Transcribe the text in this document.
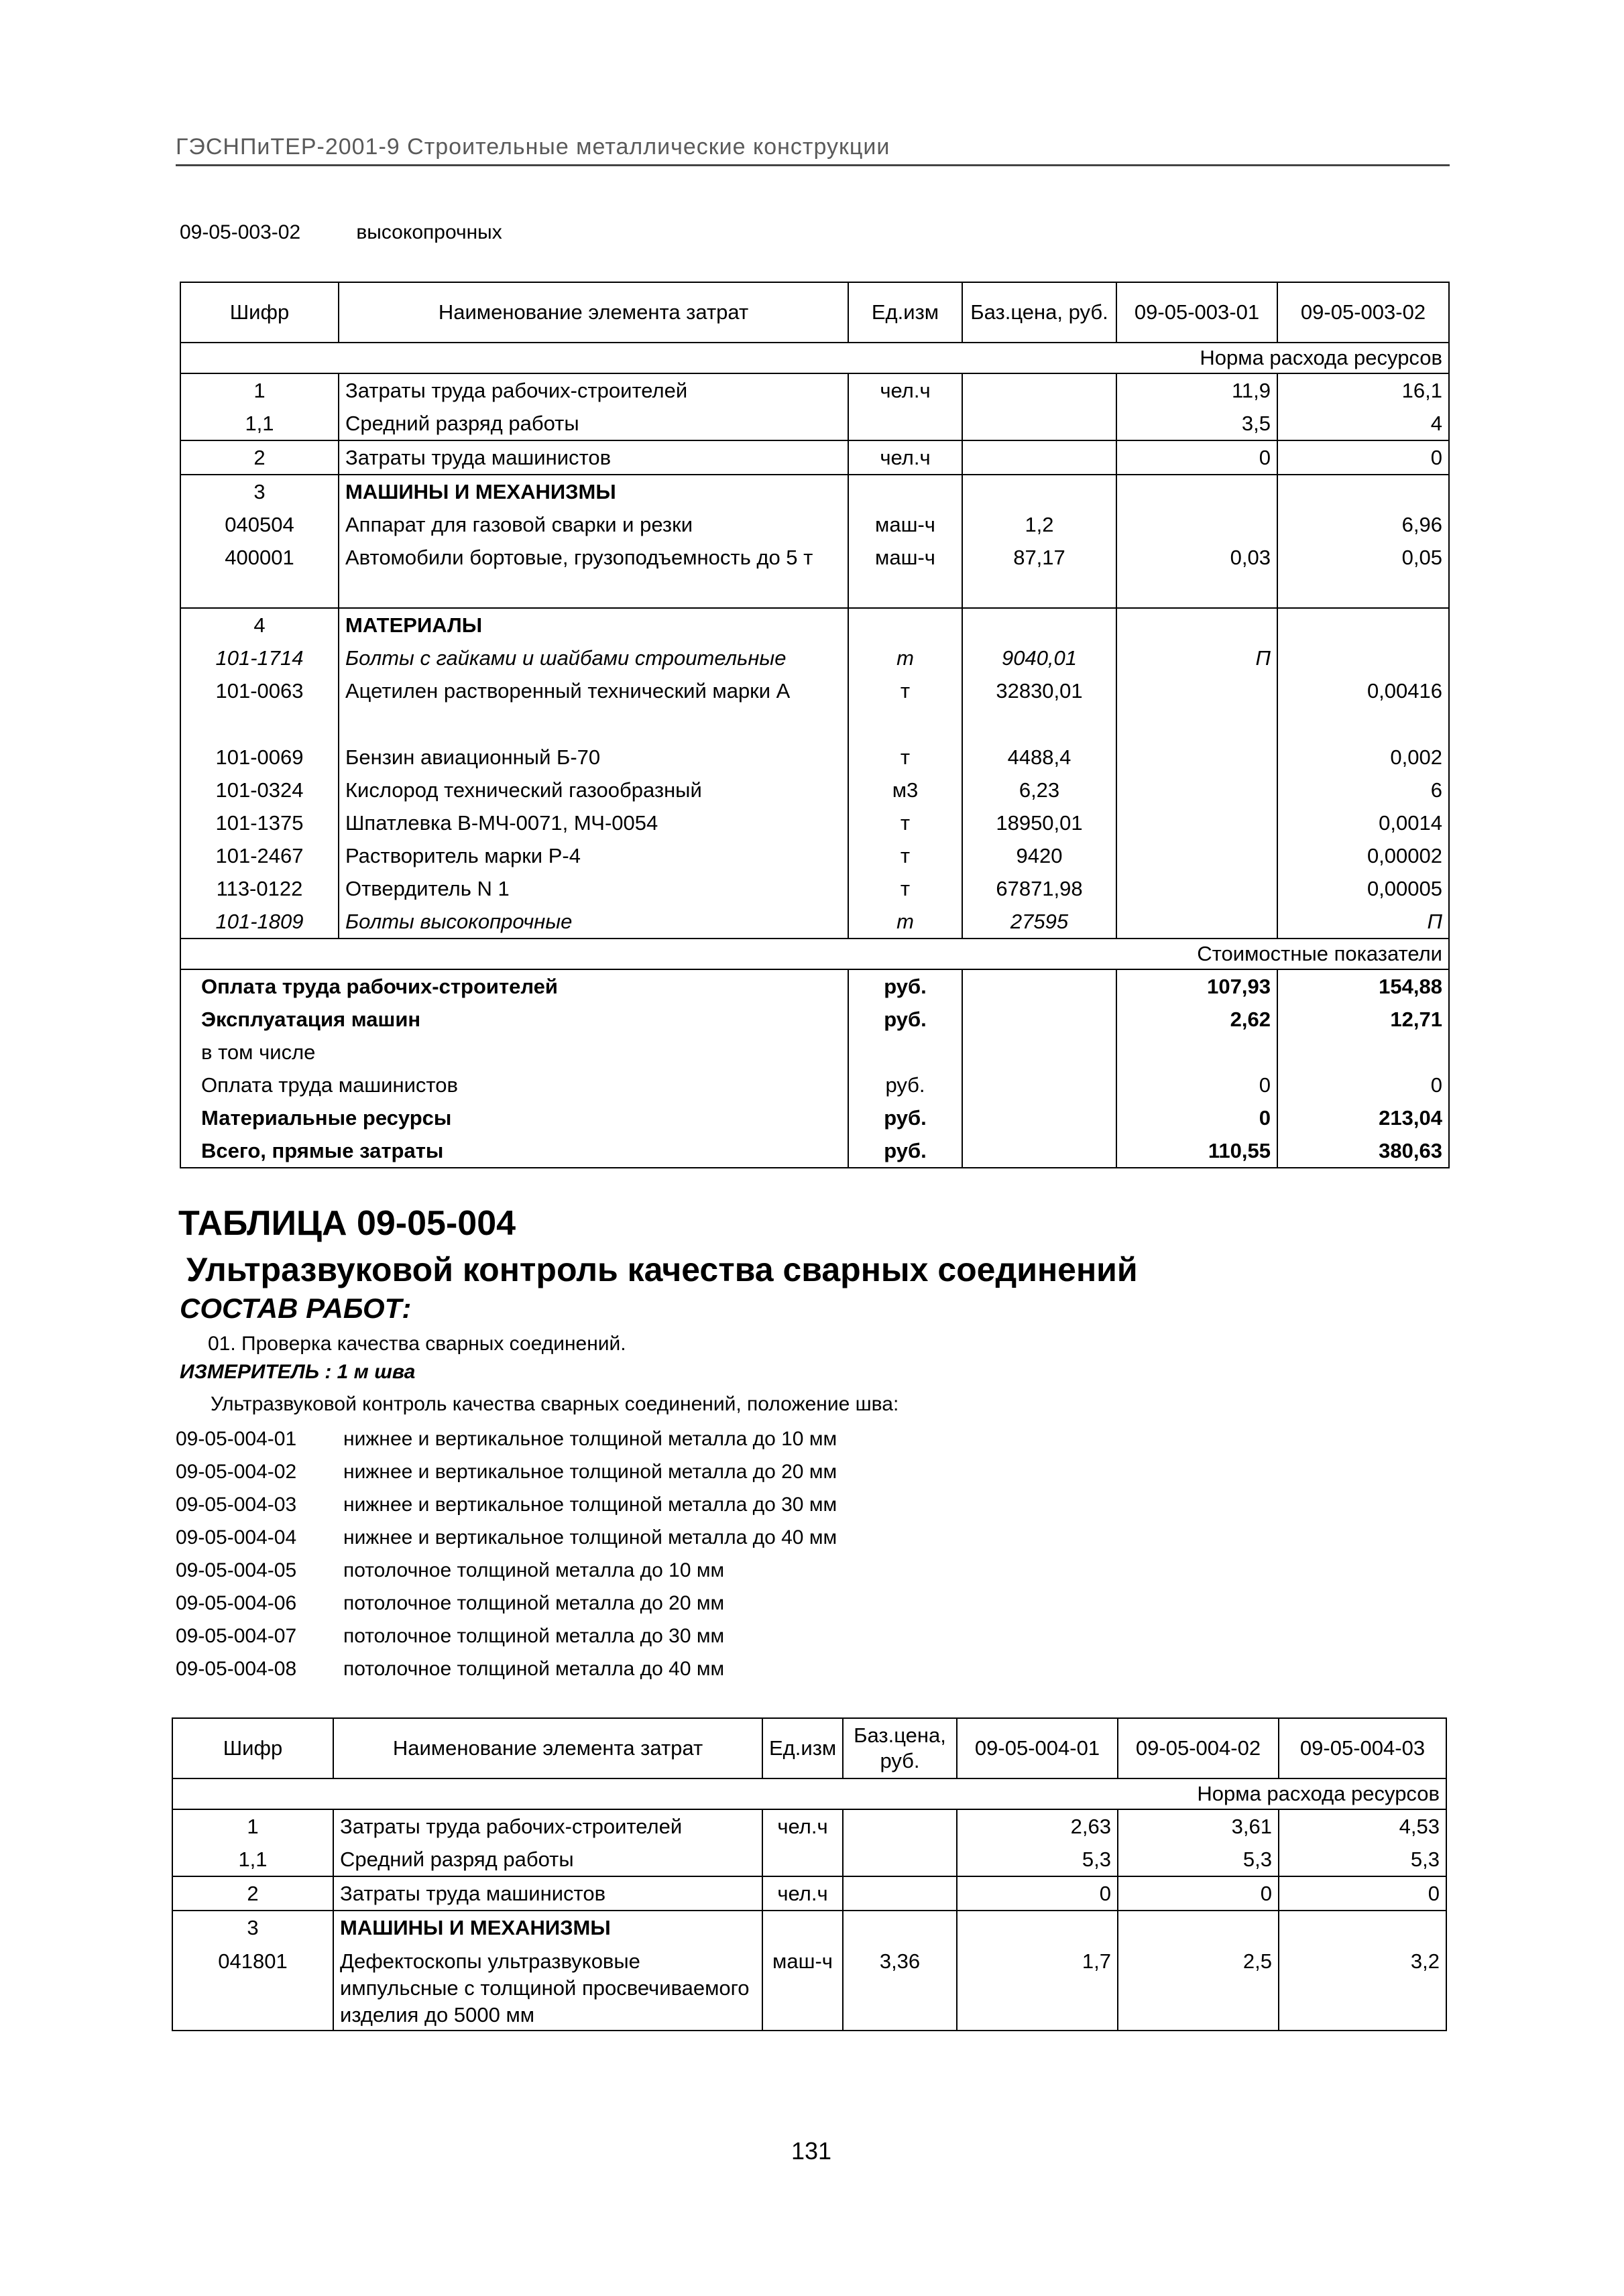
ГЭСНПиТЕР-2001-9 Строительные металлические конструкции
09-05-003-02	высокопрочных
Шифр	Наименование элемента затрат	Ед.изм	Баз.цена, руб.	09-05-003-01	09-05-003-02
Норма расхода ресурсов					
1	Затраты труда рабочих-строителей	чел.ч		11,9	16,1
1,1	Средний разряд работы			3,5	4
2	Затраты труда машинистов	чел.ч		0	0
3	МАШИНЫ И МЕХАНИЗМЫ				
040504	Аппарат для газовой сварки и резки	маш-ч	1,2		6,96
400001	Автомобили бортовые, грузоподъемность до 5 т	маш-ч	87,17	0,03	0,05

4	МАТЕРИАЛЫ				
101-1714	Болты с гайками и шайбами строительные	т	9040,01	П	
101-0063	Ацетилен растворенный технический марки А	т	32830,01		0,00416

101-0069	Бензин авиационный Б-70	т	4488,4		0,002
101-0324	Кислород технический газообразный	м3	6,23		6
101-1375	Шпатлевка В-МЧ-0071, МЧ-0054	т	18950,01		0,0014
101-2467	Растворитель марки Р-4	т	9420		0,00002
113-0122	Отвердитель N 1	т	67871,98		0,00005
101-1809	Болты высокопрочные	т	27595		П
Стоимостные показатели					
Оплата труда рабочих-строителей		руб.		107,93	154,88
Эксплуатация машин		руб.		2,62	12,71
в том числе					
Оплата труда машинистов		руб.		0	0
Материальные ресурсы		руб.		0	213,04
Всего, прямые затраты		руб.		110,55	380,63
ТАБЛИЦА 09-05-004
Ультразвуковой контроль качества сварных соединений
СОСТАВ РАБОТ:
01. Проверка качества сварных соединений.
ИЗМЕРИТЕЛЬ : 1 м шва
Ультразвуковой контроль качества сварных соединений, положение шва:
09-05-004-01 нижнее и вертикальное толщиной металла до 10 мм
09-05-004-02 нижнее и вертикальное толщиной металла до 20 мм
09-05-004-03 нижнее и вертикальное толщиной металла до 30 мм
09-05-004-04 нижнее и вертикальное толщиной металла до 40 мм
09-05-004-05 потолочное толщиной металла до 10 мм
09-05-004-06 потолочное толщиной металла до 20 мм
09-05-004-07 потолочное толщиной металла до 30 мм
09-05-004-08 потолочное толщиной металла до 40 мм
Шифр	Наименование элемента затрат	Ед.изм	Баз.цена, руб.	09-05-004-01	09-05-004-02	09-05-004-03
Норма расхода ресурсов						
1	Затраты труда рабочих-строителей	чел.ч		2,63	3,61	4,53
1,1	Средний разряд работы			5,3	5,3	5,3
2	Затраты труда машинистов	чел.ч		0	0	0
3	МАШИНЫ И МЕХАНИЗМЫ					
041801	Дефектоскопы ультразвуковые импульсные с толщиной просвечиваемого изделия до 5000 мм	маш-ч	3,36	1,7	2,5	3,2
131
